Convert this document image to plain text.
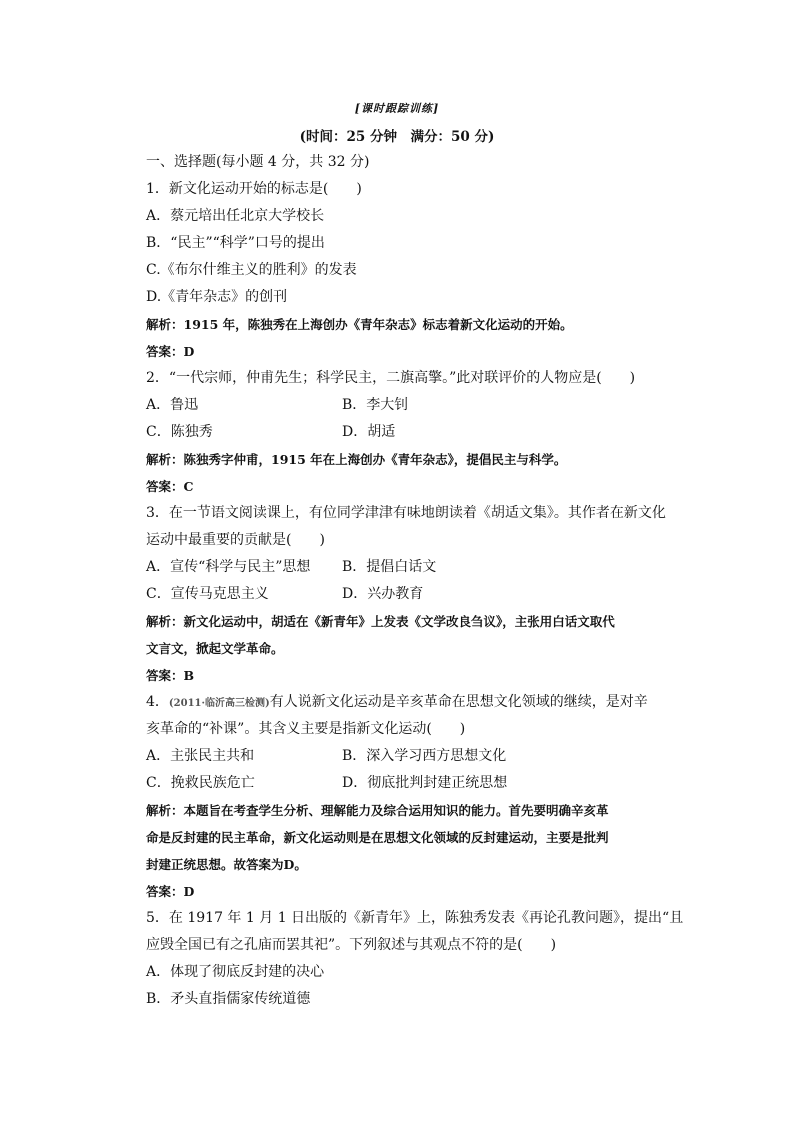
[课时跟踪训练]
(时间：25 分钟　满分：50 分)
一、选择题(每小题 4 分，共 32 分)
1．新文化运动开始的标志是(　　)
A．蔡元培出任北京大学校长
B．“民主”“科学”口号的提出
C.《布尔什维主义的胜利》的发表
D.《青年杂志》的创刊
解析：1915 年，陈独秀在上海创办《青年杂志》标志着新文化运动的开始。
答案：D
2．“一代宗师，仲甫先生；科学民主，二旗高擎。”此对联评价的人物应是(　　)
A．鲁迅	B．李大钊
C．陈独秀	D．胡适
解析：陈独秀字仲甫，1915 年在上海创办《青年杂志》，提倡民主与科学。
答案：C
3．在一节语文阅读课上，有位同学津津有味地朗读着《胡适文集》。其作者在新文化
运动中最重要的贡献是(　　)
A．宣传“科学与民主”思想	B．提倡白话文
C．宣传马克思主义	D．兴办教育
解析：新文化运动中，胡适在《新青年》上发表《文学改良刍议》，主张用白话文取代
文言文，掀起文学革命。
答案：B
4．(2011·临沂高三检测)有人说新文化运动是辛亥革命在思想文化领域的继续，是对辛
亥革命的“补课”。其含义主要是指新文化运动(　　)
A．主张民主共和	B．深入学习西方思想文化
C．挽救民族危亡	D．彻底批判封建正统思想
解析：本题旨在考查学生分析、理解能力及综合运用知识的能力。首先要明确辛亥革
命是反封建的民主革命，新文化运动则是在思想文化领域的反封建运动，主要是批判
封建正统思想。故答案为D。
答案：D
5．在 1917 年 1 月 1 日出版的《新青年》上，陈独秀发表《再论孔教问题》，提出“且
应毁全国已有之孔庙而罢其祀”。下列叙述与其观点不符的是(　　)
A．体现了彻底反封建的决心
B．矛头直指儒家传统道德
